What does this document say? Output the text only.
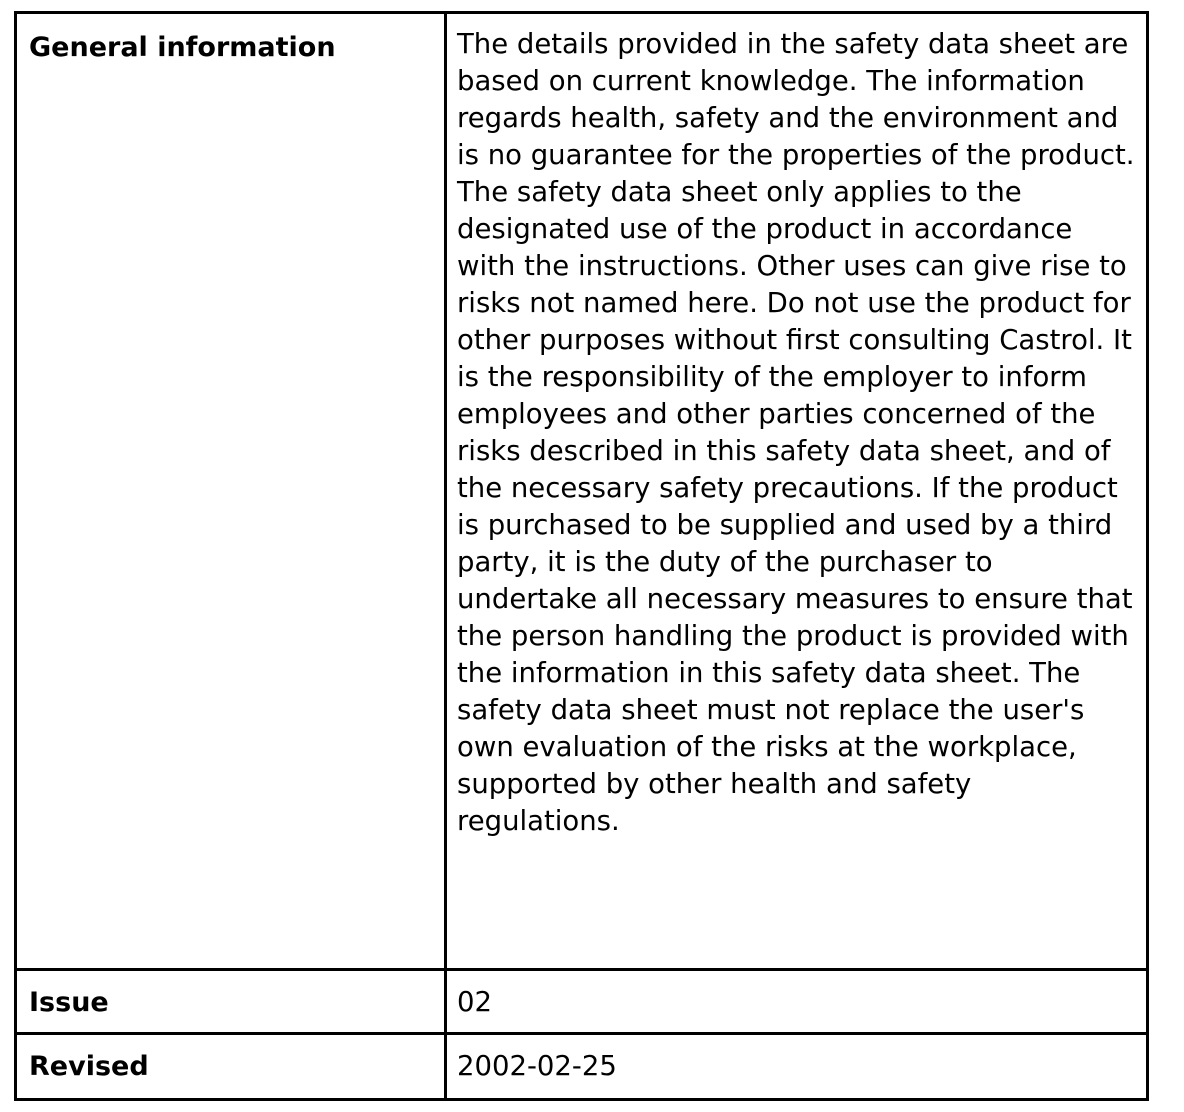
General information	The details provided in the safety data sheet are based on current knowledge. The information regards health, safety and the environment and is no guarantee for the properties of the product. The safety data sheet only applies to the designated use of the product in accordance with the instructions. Other uses can give rise to risks not named here. Do not use the product for other purposes without first consulting Castrol. It is the responsibility of the employer to inform employees and other parties concerned of the risks described in this safety data sheet, and of the necessary safety precautions. If the product is purchased to be supplied and used by a third party, it is the duty of the purchaser to undertake all necessary measures to ensure that the person handling the product is provided with the information in this safety data sheet. The safety data sheet must not replace the user's own evaluation of the risks at the workplace, supported by other health and safety regulations.
Issue	02
Revised	2002-02-25
